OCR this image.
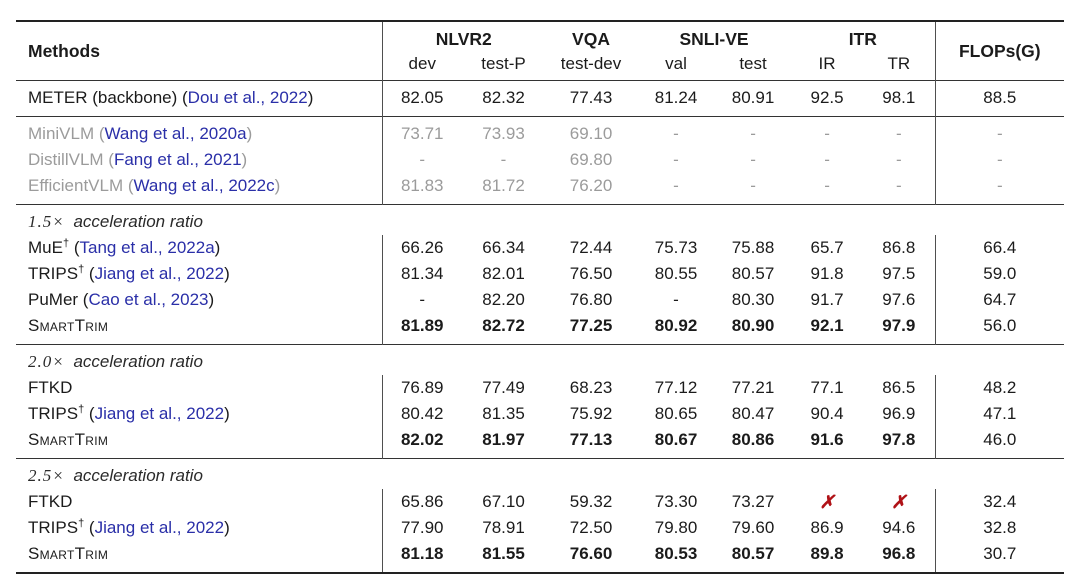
Methods	NLVR2		VQA	SNLI-VE		ITR		FLOPs(G)
	dev	test-P	test-dev	val	test	IR	TR	
METER (backbone) (Dou et al., 2022)	82.05	82.32	77.43	81.24	80.91	92.5	98.1	88.5
MiniVLM (Wang et al., 2020a)	73.71	73.93	69.10	-	-	-	-	-
DistillVLM (Fang et al., 2021)	-	-	69.80	-	-	-	-	-
EfficientVLM (Wang et al., 2022c)	81.83	81.72	76.20	-	-	-	-	-
1.5× acceleration ratio								
MuE† (Tang et al., 2022a)	66.26	66.34	72.44	75.73	75.88	65.7	86.8	66.4
TRIPS† (Jiang et al., 2022)	81.34	82.01	76.50	80.55	80.57	91.8	97.5	59.0
PuMer (Cao et al., 2023)	-	82.20	76.80	-	80.30	91.7	97.6	64.7
SmartTrim	81.89	82.72	77.25	80.92	80.90	92.1	97.9	56.0
2.0× acceleration ratio								
FTKD	76.89	77.49	68.23	77.12	77.21	77.1	86.5	48.2
TRIPS† (Jiang et al., 2022)	80.42	81.35	75.92	80.65	80.47	90.4	96.9	47.1
SmartTrim	82.02	81.97	77.13	80.67	80.86	91.6	97.8	46.0
2.5× acceleration ratio								
FTKD	65.86	67.10	59.32	73.30	73.27	✗	✗	32.4
TRIPS† (Jiang et al., 2022)	77.90	78.91	72.50	79.80	79.60	86.9	94.6	32.8
SmartTrim	81.18	81.55	76.60	80.53	80.57	89.8	96.8	30.7
